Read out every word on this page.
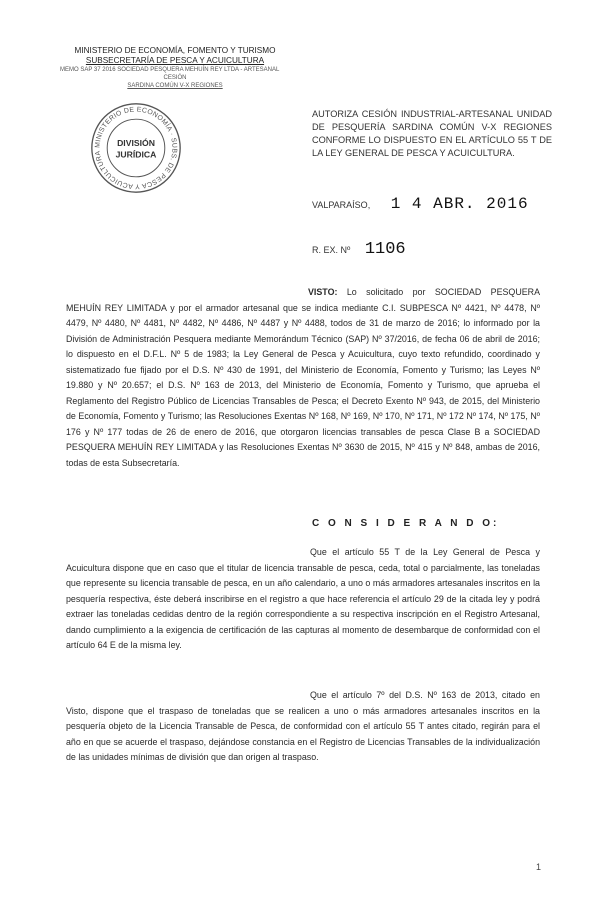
MINISTERIO DE ECONOMÍA, FOMENTO Y TURISMO
SUBSECRETARÍA DE PESCA Y ACUICULTURA
MEMO SAP 37 2016 SOCIEDAD PESQUERA MEHUÍN REY LTDA - ARTESANAL
CESIÓN
SARDINA COMÚN V-X REGIONES
MINISTERIO DE ECONOMÍA · SUBS. DE PESCA Y ACUICULTURA
DIVISIÓN
JURÍDICA
AUTORIZA CESIÓN INDUSTRIAL-ARTESANAL UNIDAD DE PESQUERÍA SARDINA COMÚN V-X REGIONES CONFORME LO DISPUESTO EN EL ARTÍCULO 55 T DE LA LEY GENERAL DE PESCA Y ACUICULTURA.
VALPARAÍSO, 1 4 ABR. 2016
R. EX. Nº 1106
VISTO: Lo solicitado por SOCIEDAD PESQUERA MEHUÍN REY LIMITADA y por el armador artesanal que se indica mediante C.I. SUBPESCA Nº 4421, Nº 4478, Nº 4479, Nº 4480, Nº 4481, Nº 4482, Nº 4486, Nº 4487 y Nº 4488, todos de 31 de marzo de 2016; lo informado por la División de Administración Pesquera mediante Memorándum Técnico (SAP) Nº 37/2016, de fecha 06 de abril de 2016; lo dispuesto en el D.F.L. Nº 5 de 1983; la Ley General de Pesca y Acuicultura, cuyo texto refundido, coordinado y sistematizado fue fijado por el D.S. Nº 430 de 1991, del Ministerio de Economía, Fomento y Turismo; las Leyes Nº 19.880 y Nº 20.657; el D.S. Nº 163 de 2013, del Ministerio de Economía, Fomento y Turismo, que aprueba el Reglamento del Registro Público de Licencias Transables de Pesca; el Decreto Exento Nº 943, de 2015, del Ministerio de Economía, Fomento y Turismo; las Resoluciones Exentas Nº 168, Nº 169, Nº 170, Nº 171, Nº 172 Nº 174, Nº 175, Nº 176 y Nº 177 todas de 26 de enero de 2016, que otorgaron licencias transables de pesca Clase B a SOCIEDAD PESQUERA MEHUÍN REY LIMITADA y las Resoluciones Exentas Nº 3630 de 2015, Nº 415 y Nº 848, ambas de 2016, todas de esta Subsecretaría.
C O N S I D E R A N D O:
Que el artículo 55 T de la Ley General de Pesca y Acuicultura dispone que en caso que el titular de licencia transable de pesca, ceda, total o parcialmente, las toneladas que represente su licencia transable de pesca, en un año calendario, a uno o más armadores artesanales inscritos en la pesquería respectiva, éste deberá inscribirse en el registro a que hace referencia el artículo 29 de la citada ley y podrá extraer las toneladas cedidas dentro de la región correspondiente a su respectiva inscripción en el Registro Artesanal, dando cumplimiento a la exigencia de certificación de las capturas al momento de desembarque de conformidad con el artículo 64 E de la misma ley.
Que el artículo 7º del D.S. Nº 163 de 2013, citado en Visto, dispone que el traspaso de toneladas que se realicen a uno o más armadores artesanales inscritos en la pesquería objeto de la Licencia Transable de Pesca, de conformidad con el artículo 55 T antes citado, regirán para el año en que se acuerde el traspaso, dejándose constancia en el Registro de Licencias Transables de la individualización de las unidades mínimas de división que dan origen al traspaso.
1
